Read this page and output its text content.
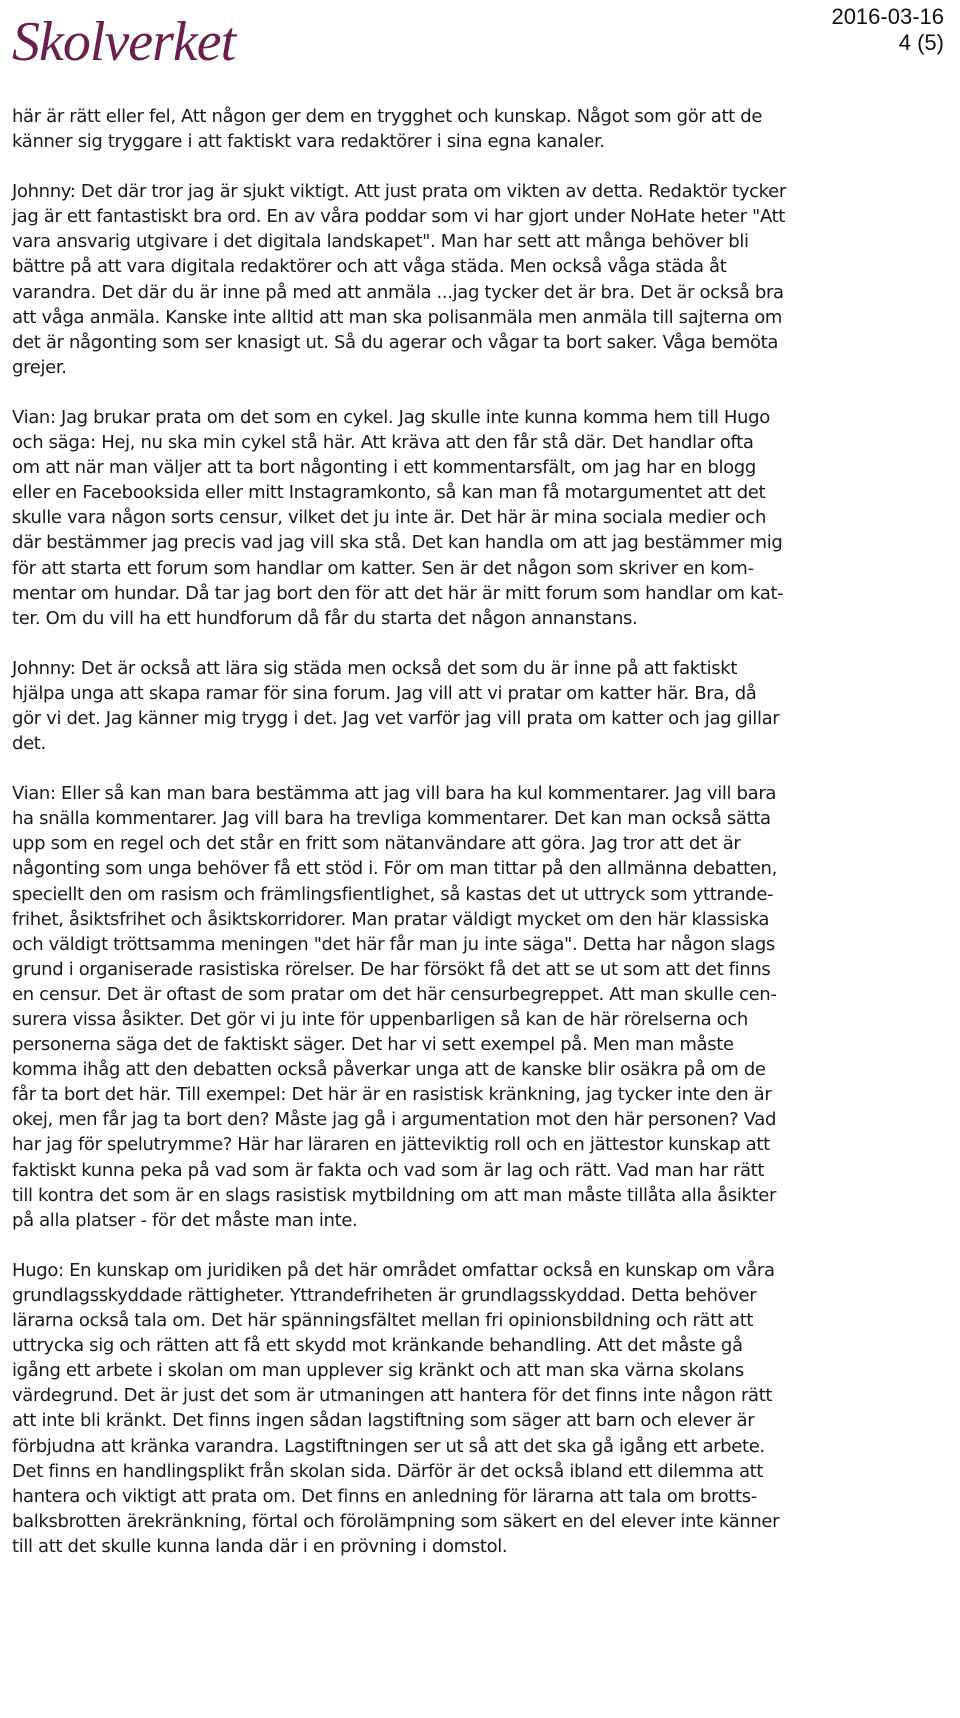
Skolverket	2016-03-16
4 (5)
här är rätt eller fel, Att någon ger dem en trygghet och kunskap. Något som gör att de
känner sig tryggare i att faktiskt vara redaktörer i sina egna kanaler.
Johnny: Det där tror jag är sjukt viktigt. Att just prata om vikten av detta. Redaktör tycker
jag är ett fantastiskt bra ord. En av våra poddar som vi har gjort under NoHate heter "Att
vara ansvarig utgivare i det digitala landskapet". Man har sett att många behöver bli
bättre på att vara digitala redaktörer och att våga städa. Men också våga städa åt
varandra. Det där du är inne på med att anmäla ...jag tycker det är bra. Det är också bra
att våga anmäla. Kanske inte alltid att man ska polisanmäla men anmäla till sajterna om
det är någonting som ser knasigt ut. Så du agerar och vågar ta bort saker. Våga bemöta
grejer.
Vian: Jag brukar prata om det som en cykel. Jag skulle inte kunna komma hem till Hugo
och säga: Hej, nu ska min cykel stå här. Att kräva att den får stå där. Det handlar ofta
om att när man väljer att ta bort någonting i ett kommentarsfält, om jag har en blogg
eller en Facebooksida eller mitt Instagramkonto, så kan man få motargumentet att det
skulle vara någon sorts censur, vilket det ju inte är. Det här är mina sociala medier och
där bestämmer jag precis vad jag vill ska stå. Det kan handla om att jag bestämmer mig
för att starta ett forum som handlar om katter. Sen är det någon som skriver en kom-
mentar om hundar. Då tar jag bort den för att det här är mitt forum som handlar om kat-
ter. Om du vill ha ett hundforum då får du starta det någon annanstans.
Johnny: Det är också att lära sig städa men också det som du är inne på att faktiskt
hjälpa unga att skapa ramar för sina forum. Jag vill att vi pratar om katter här. Bra, då
gör vi det. Jag känner mig trygg i det. Jag vet varför jag vill prata om katter och jag gillar
det.
Vian: Eller så kan man bara bestämma att jag vill bara ha kul kommentarer. Jag vill bara
ha snälla kommentarer. Jag vill bara ha trevliga kommentarer. Det kan man också sätta
upp som en regel och det står en fritt som nätanvändare att göra. Jag tror att det är
någonting som unga behöver få ett stöd i. För om man tittar på den allmänna debatten,
speciellt den om rasism och främlingsfientlighet, så kastas det ut uttryck som yttrande-
frihet, åsiktsfrihet och åsiktskorridorer. Man pratar väldigt mycket om den här klassiska
och väldigt tröttsamma meningen "det här får man ju inte säga". Detta har någon slags
grund i organiserade rasistiska rörelser. De har försökt få det att se ut som att det finns
en censur. Det är oftast de som pratar om det här censurbegreppet. Att man skulle cen-
surera vissa åsikter. Det gör vi ju inte för uppenbarligen så kan de här rörelserna och
personerna säga det de faktiskt säger. Det har vi sett exempel på. Men man måste
komma ihåg att den debatten också påverkar unga att de kanske blir osäkra på om de
får ta bort det här. Till exempel: Det här är en rasistisk kränkning, jag tycker inte den är
okej, men får jag ta bort den? Måste jag gå i argumentation mot den här personen? Vad
har jag för spelutrymme? Här har läraren en jätteviktig roll och en jättestor kunskap att
faktiskt kunna peka på vad som är fakta och vad som är lag och rätt. Vad man har rätt
till kontra det som är en slags rasistisk mytbildning om att man måste tillåta alla åsikter
på alla platser - för det måste man inte.
Hugo: En kunskap om juridiken på det här området omfattar också en kunskap om våra
grundlagsskyddade rättigheter. Yttrandefriheten är grundlagsskyddad. Detta behöver
lärarna också tala om. Det här spänningsfältet mellan fri opinionsbildning och rätt att
uttrycka sig och rätten att få ett skydd mot kränkande behandling. Att det måste gå
igång ett arbete i skolan om man upplever sig kränkt och att man ska värna skolans
värdegrund. Det är just det som är utmaningen att hantera för det finns inte någon rätt
att inte bli kränkt. Det finns ingen sådan lagstiftning som säger att barn och elever är
förbjudna att kränka varandra. Lagstiftningen ser ut så att det ska gå igång ett arbete.
Det finns en handlingsplikt från skolan sida. Därför är det också ibland ett dilemma att
hantera och viktigt att prata om. Det finns en anledning för lärarna att tala om brotts-
balksbrotten ärekränkning, förtal och förolämpning som säkert en del elever inte känner
till att det skulle kunna landa där i en prövning i domstol.
